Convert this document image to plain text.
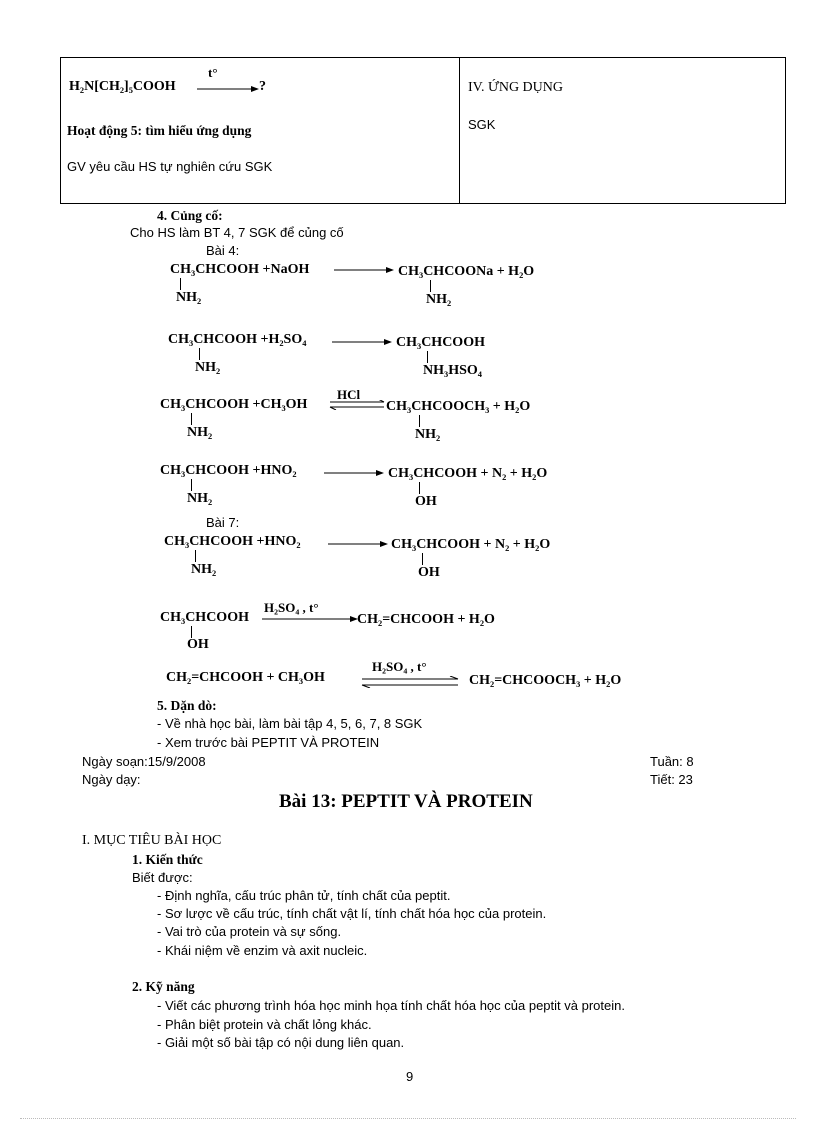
H₂N[CH₂]₅COOH
t°
?
Hoạt động 5: tìm hiểu ứng dụng
GV yêu cầu HS tự nghiên cứu SGK
IV. ỨNG DỤNG
SGK
4. Củng cố:
Cho HS làm BT 4, 7 SGK để củng cố
Bài 4:
CH₃CHCOOH +NaOH
NH₂
CH₃CHCOONa + H₂O
NH₂
CH₃CHCOOH +H₂SO₄
NH₂
CH₃CHCOOH
NH₃HSO₄
CH₃CHCOOH +CH₃OH
NH₂
HCl
CH₃CHCOOCH₃ + H₂O
NH₂
CH₃CHCOOH +HNO₂
NH₂
CH₃CHCOOH + N₂ + H₂O
OH
Bài 7:
CH₃CHCOOH +HNO₂
NH₂
CH₃CHCOOH + N₂ + H₂O
OH
CH₃CHCOOH
OH
H₂SO₄ , t°
CH₂=CHCOOH + H₂O
CH₂=CHCOOH + CH₃OH
H₂SO₄ , t°
CH₂=CHCOOCH₃ + H₂O
5. Dặn dò:
- Về nhà học bài, làm bài tập 4, 5, 6, 7, 8 SGK
- Xem trước bài PEPTIT VÀ PROTEIN
Ngày soạn:15/9/2008
Ngày dạy:
Tuần: 8
Tiết: 23
Bài 13: PEPTIT VÀ PROTEIN
I. MỤC TIÊU BÀI HỌC
1. Kiến thức
Biết được:
- Định nghĩa, cấu trúc phân tử, tính chất của peptit.
- Sơ lược về cấu trúc, tính chất vật lí, tính chất hóa học của protein.
- Vai trò của protein và sự sống.
- Khái niệm về enzim và axit nucleic.
2. Kỹ năng
- Viết các phương trình hóa học minh họa tính chất hóa học của peptit và protein.
- Phân biệt protein và chất lỏng khác.
- Giải một số bài tập có nội dung liên quan.
9
